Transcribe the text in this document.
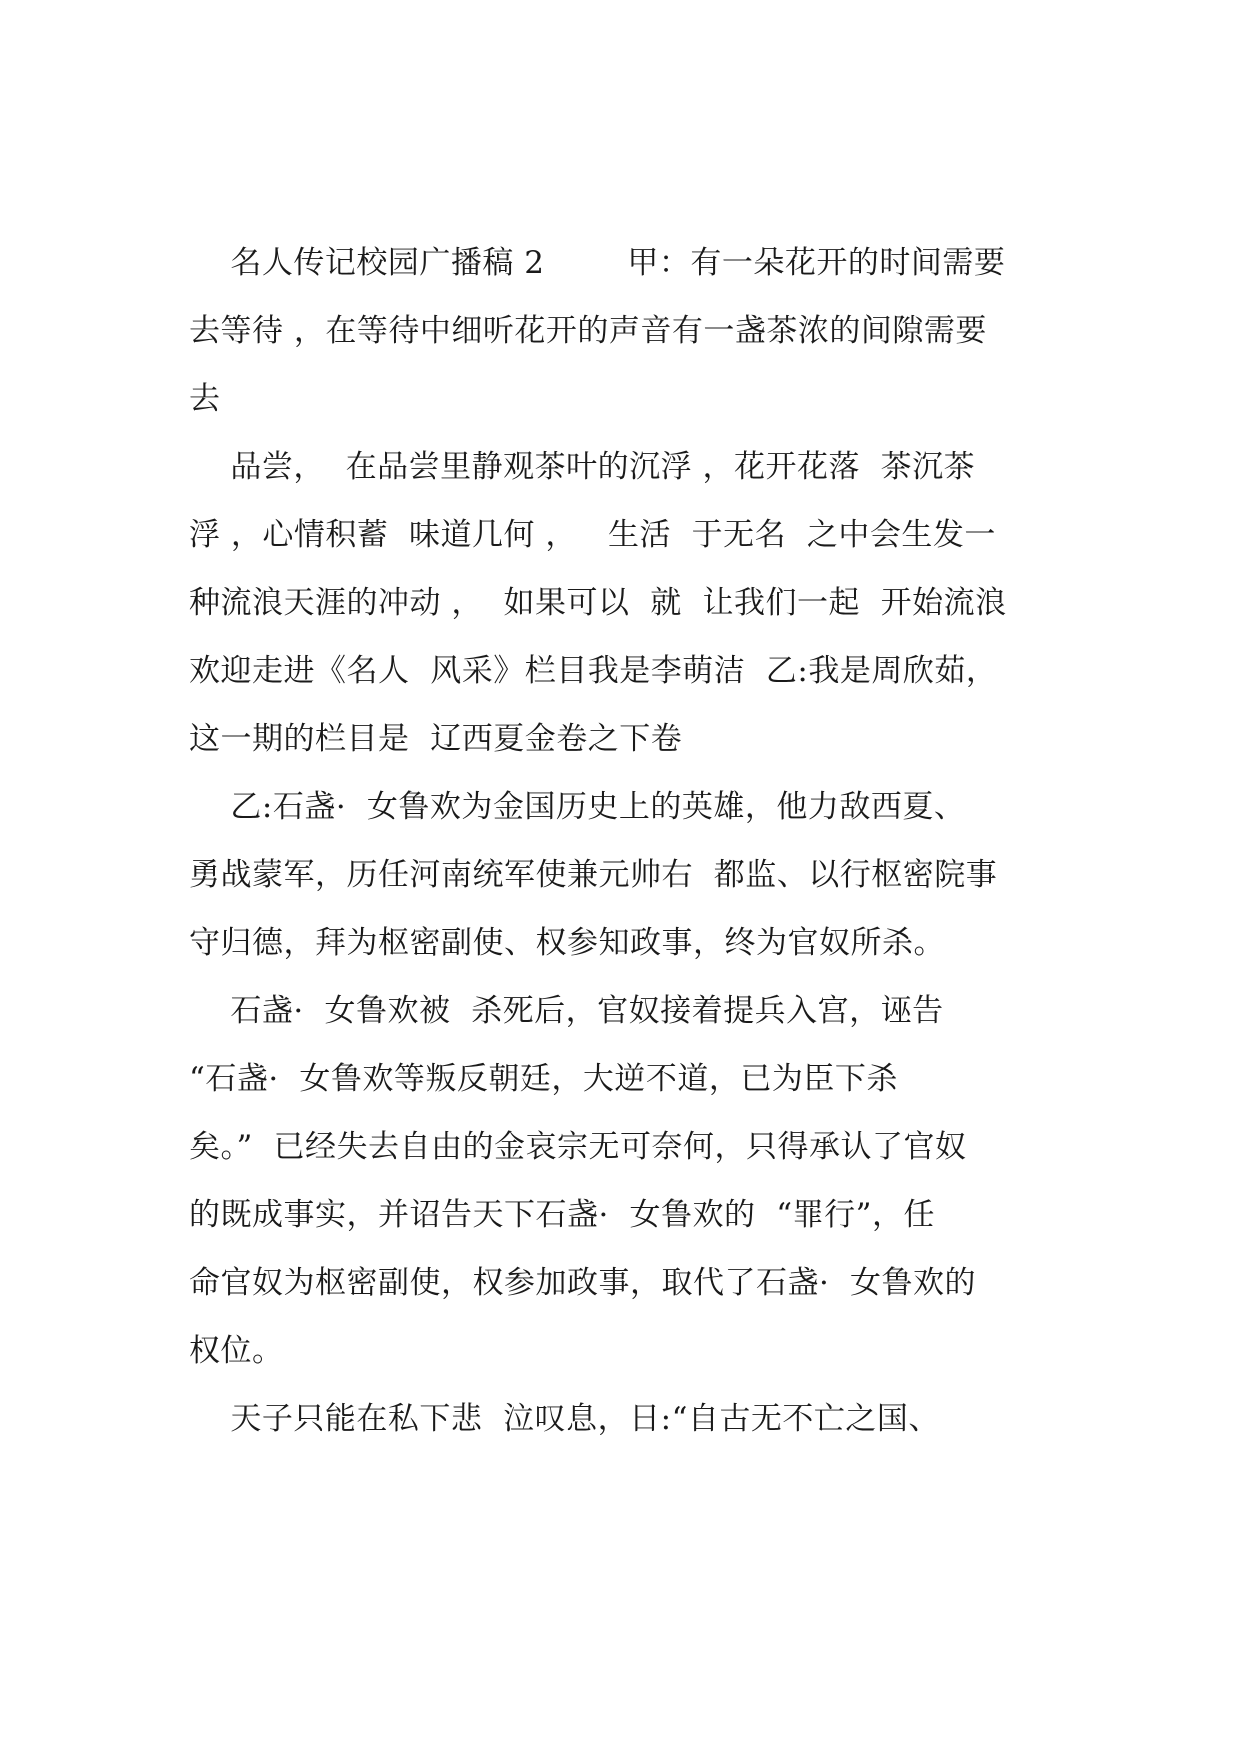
名人传记校园广播稿 2        甲：有一朵花开的时间需要
去等待 ，在等待中细听花开的声音有一盏茶浓的间隙需要
去
品尝，  在品尝里静观茶叶的沉浮 ，花开花落  茶沉茶
浮 ，心情积蓄  味道几何 ，   生活  于无名  之中会生发一
种流浪天涯的冲动 ，  如果可以  就  让我们一起  开始流浪
欢迎走进《名人  风采》栏目我是李萌洁  乙:我是周欣茹，
这一期的栏目是  辽西夏金卷之下卷
乙:石盏·  女鲁欢为金国历史上的英雄，他力敌西夏、
勇战蒙军，历任河南统军使兼元帅右  都监、以行枢密院事
守归德，拜为枢密副使、权参知政事，终为官奴所杀。
石盏·  女鲁欢被  杀死后，官奴接着提兵入宫，诬告
“石盏·  女鲁欢等叛反朝廷，大逆不道，已为臣下杀
矣。”  已经失去自由的金哀宗无可奈何，只得承认了官奴
的既成事实，并诏告天下石盏·  女鲁欢的  “罪行”，任
命官奴为枢密副使，权参加政事，取代了石盏·  女鲁欢的
权位。
天子只能在私下悲  泣叹息，日:“自古无不亡之国、
